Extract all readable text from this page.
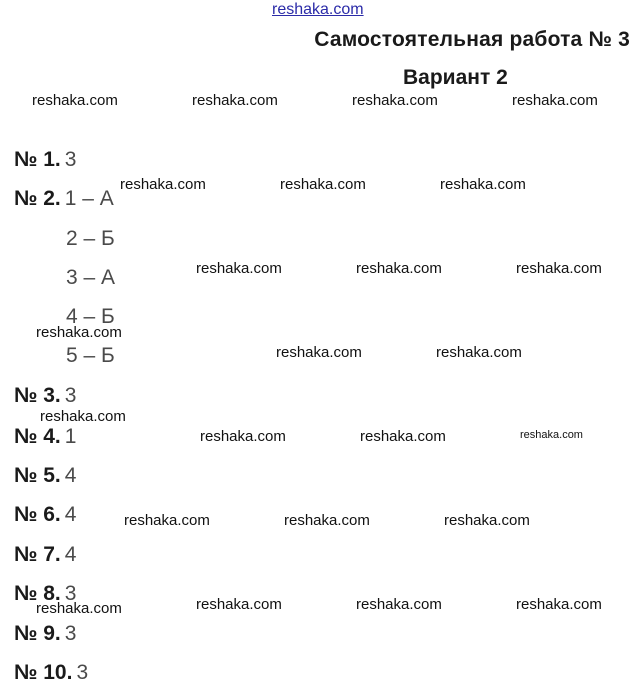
reshaka.com
Самостоятельная работа № 3
Вариант 2
reshaka.com	reshaka.com	reshaka.com	reshaka.com
reshaka.com	reshaka.com	reshaka.com
reshaka.com	reshaka.com	reshaka.com
reshaka.com
reshaka.com	reshaka.com
reshaka.com
reshaka.com	reshaka.com	reshaka.com
reshaka.com	reshaka.com	reshaka.com
reshaka.com	reshaka.com	reshaka.com	reshaka.com
№ 1. 3
№ 2. 1 – А
2 – Б
3 – А
4 – Б
5 – Б
№ 3. 3
№ 4. 1
№ 5. 4
№ 6. 4
№ 7. 4
№ 8. 3
№ 9. 3
№ 10. 3
